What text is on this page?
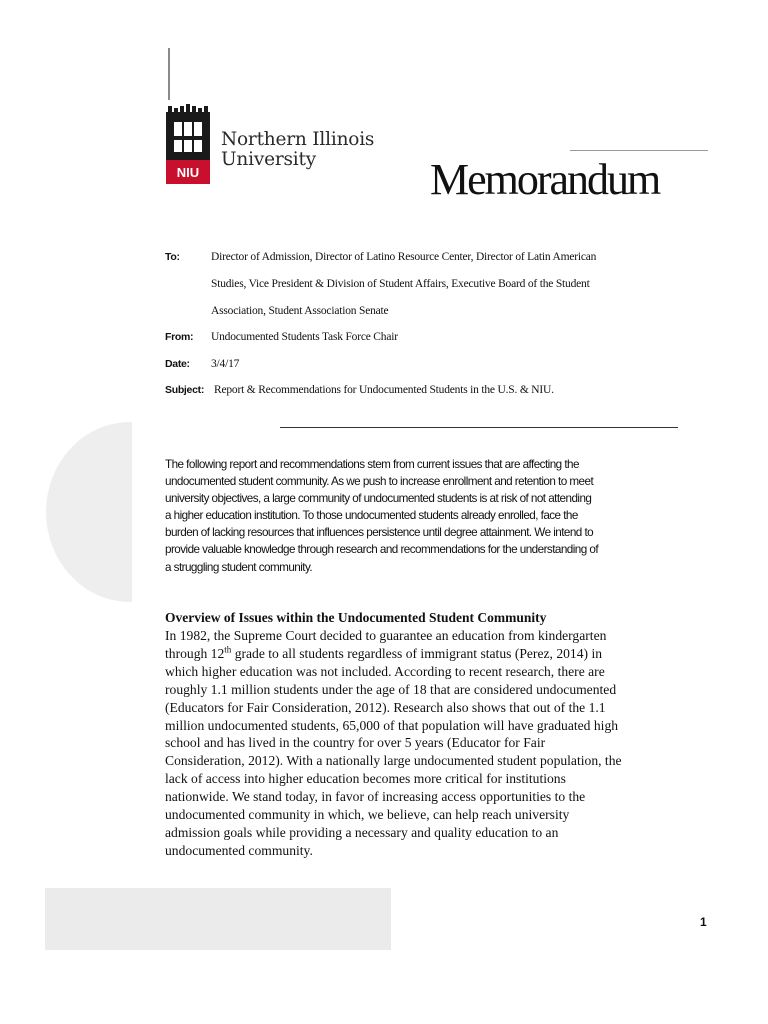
NIU
Northern Illinois
University	Memorandum
To:	Director of Admission, Director of Latino Resource Center, Director of Latin American
Studies, Vice President & Division of Student Affairs, Executive Board of the Student
Association, Student Association Senate
From: Undocumented Students Task Force Chair
Date: 3/4/17
Subject: Report & Recommendations for Undocumented Students in the U.S. & NIU.

The following report and recommendations stem from current issues that are affecting the
undocumented student community. As we push to increase enrollment and retention to meet
university objectives, a large community of undocumented students is at risk of not attending
a higher education institution. To those undocumented students already enrolled, face the
burden of lacking resources that influences persistence until degree attainment. We intend to
provide valuable knowledge through research and recommendations for the understanding of
a struggling student community.

Overview of Issues within the Undocumented Student Community

In 1982, the Supreme Court decided to guarantee an education from kindergarten
through 12th grade to all students regardless of immigrant status (Perez, 2014) in
which higher education was not included. According to recent research, there are
roughly 1.1 million students under the age of 18 that are considered undocumented
(Educators for Fair Consideration, 2012). Research also shows that out of the 1.1
million undocumented students, 65,000 of that population will have graduated high
school and has lived in the country for over 5 years (Educator for Fair
Consideration, 2012). With a nationally large undocumented student population, the
lack of access into higher education becomes more critical for institutions
nationwide. We stand today, in favor of increasing access opportunities to the
undocumented community in which, we believe, can help reach university
admission goals while providing a necessary and quality education to an
undocumented community.

1
